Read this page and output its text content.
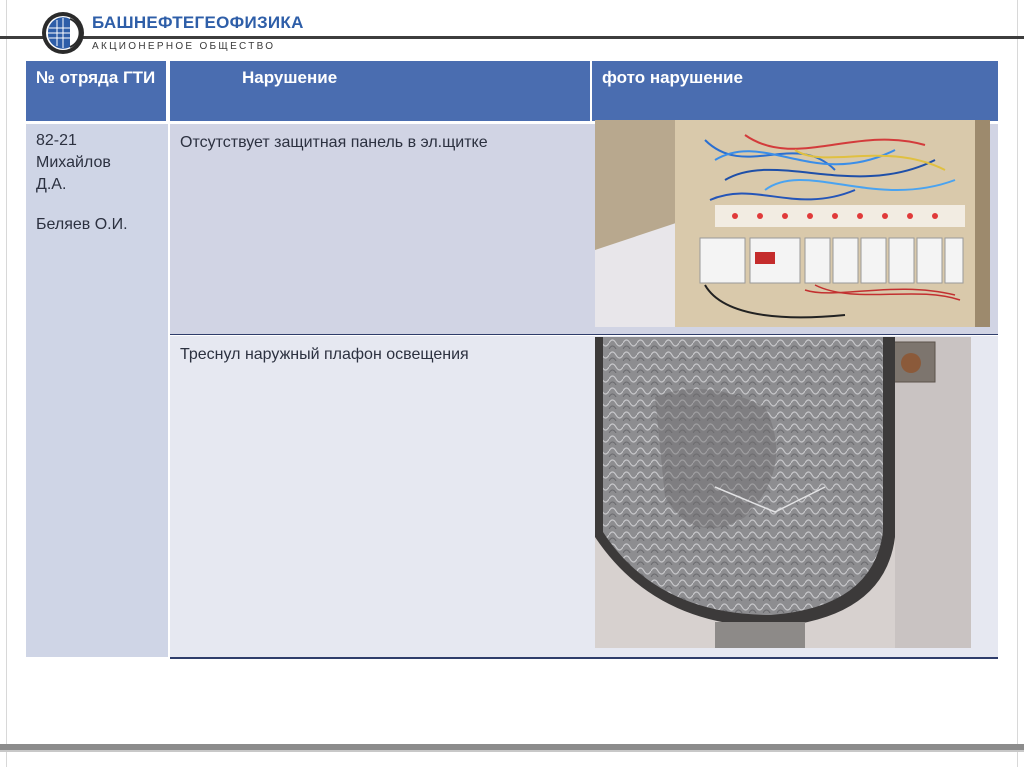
БАШНЕФТЕГЕОФИЗИКА
АКЦИОНЕРНОЕ ОБЩЕСТВО
№ отряда ГТИ	Нарушение	фото нарушение
82-21
Михайлов
Д.А.
Беляев О.И.
Отсутствует защитная панель в эл.щитке
Треснул наружный плафон освещения
